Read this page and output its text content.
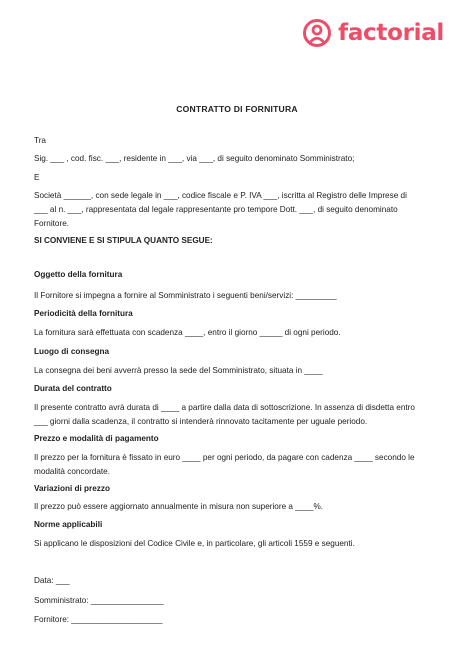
factorial
CONTRATTO DI FORNITURA
Tra
Sig. ___ , cod. fisc. ___, residente in ___, via ___, di seguito denominato Somministrato;
E
Società ______, con sede legale in ___, codice fiscale e P. IVA ___, iscritta al Registro delle Imprese di
___ al n. ___, rappresentata dal legale rappresentante pro tempore Dott. ___, di seguito denominato
Fornitore.
SI CONVIENE E SI STIPULA QUANTO SEGUE:
Oggetto della fornitura
Il Fornitore si impegna a fornire al Somministrato i seguenti beni/servizi: _________
Periodicità della fornitura
La fornitura sarà effettuata con scadenza ____, entro il giorno _____ di ogni periodo.
Luogo di consegna
La consegna dei beni avverrà presso la sede del Somministrato, situata in ____
Durata del contratto
Il presente contratto avrà durata di ____ a partire dalla data di sottoscrizione. In assenza di disdetta entro
___ giorni dalla scadenza, il contratto si intenderà rinnovato tacitamente per uguale periodo.
Prezzo e modalità di pagamento
Il prezzo per la fornitura è fissato in euro ____ per ogni periodo, da pagare con cadenza ____ secondo le
modalità concordate.
Variazioni di prezzo
Il prezzo può essere aggiornato annualmente in misura non superiore a ____%.
Norme applicabili
Si applicano le disposizioni del Codice Civile e, in particolare, gli articoli 1559 e seguenti.
Data: ___
Somministrato: ________________
Fornitore: ____________________
